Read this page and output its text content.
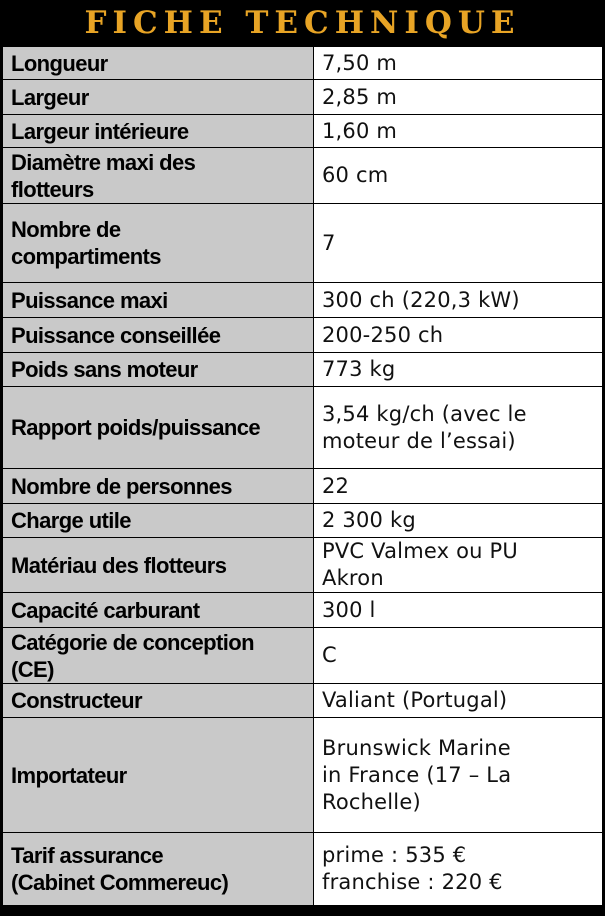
FICHE TECHNIQUE
Longueur	7,50 m

Largeur	2,85 m

Largeur intérieure	1,60 m

Diamètre maxi des
flotteurs	60 cm

Nombre de
compartiments	7

Puissance maxi	300 ch (220,3 kW)

Puissance conseillée	200-250 ch

Poids sans moteur	773 kg

Rapport poids/puissance	3,54 kg/ch (avec le
moteur de l’essai)

Nombre de personnes	22

Charge utile	2 300 kg

Matériau des flotteurs	PVC Valmex ou PU
Akron

Capacité carburant	300 l

Catégorie de conception
(CE)	C

Constructeur	Valiant (Portugal)

Importateur	Brunswick Marine
in France (17 – La
Rochelle)

Tarif assurance
(Cabinet Commereuc)	prime : 535 €
franchise : 220 €
